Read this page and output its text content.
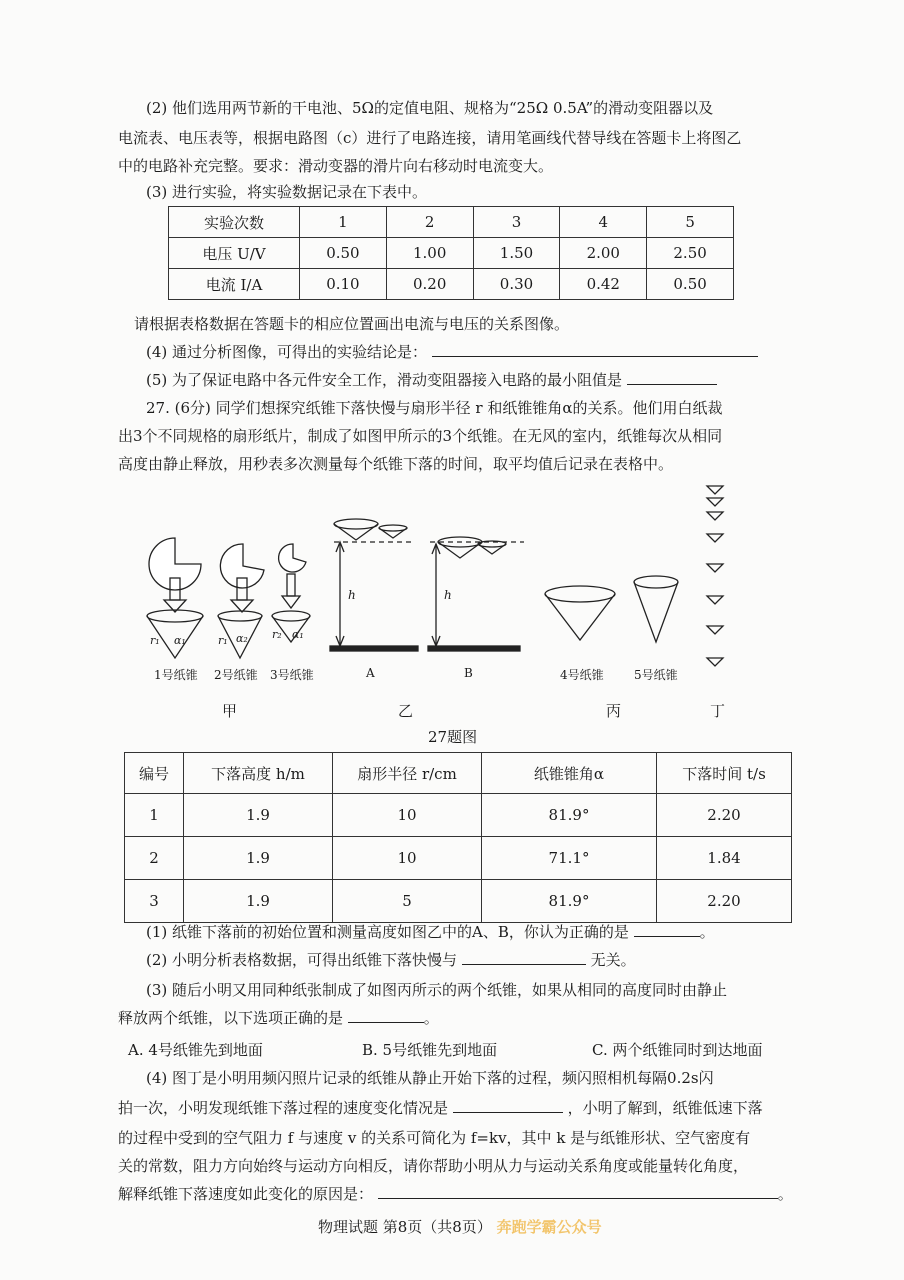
(2) 他们选用两节新的干电池、5Ω的定值电阻、规格为“25Ω 0.5A”的滑动变阻器以及
电流表、电压表等，根据电路图（c）进行了电路连接，请用笔画线代替导线在答题卡上将图乙
中的电路补充完整。要求：滑动变器的滑片向右移动时电流变大。
(3) 进行实验，将实验数据记录在下表中。
实验次数	1	2	3	4	5
电压 U/V	0.50	1.00	1.50	2.00	2.50
电流 I/A	0.10	0.20	0.30	0.42	0.50
请根据表格数据在答题卡的相应位置画出电流与电压的关系图像。
(4) 通过分析图像，可得出的实验结论是：
(5) 为了保证电路中各元件安全工作，滑动变阻器接入电路的最小阻值是
27. (6分) 同学们想探究纸锥下落快慢与扇形半径 r 和纸锥锥角α的关系。他们用白纸裁
出3个不同规格的扇形纸片，制成了如图甲所示的3个纸锥。在无风的室内，纸锥每次从相同
高度由静止释放，用秒表多次测量每个纸锥下落的时间，取平均值后记录在表格中。
1号纸锥 2号纸锥 3号纸锥	A	B	4号纸锥	5号纸锥
h	h
r₁ α₁	r₁ α₂ r₂ α₁
甲	乙	丙	丁
27题图
编号	下落高度 h/m	扇形半径 r/cm	纸锥锥角α	下落时间 t/s
1	1.9	10	81.9°	2.20
2	1.9	10	71.1°	1.84
3	1.9	5	81.9°	2.20
(1) 纸锥下落前的初始位置和测量高度如图乙中的A、B，你认为正确的是	。
(2) 小明分析表格数据，可得出纸锥下落快慢与	无关。
(3) 随后小明又用同种纸张制成了如图丙所示的两个纸锥，如果从相同的高度同时由静止
释放两个纸锥，以下选项正确的是	。
A. 4号纸锥先到地面	B. 5号纸锥先到地面	C. 两个纸锥同时到达地面
(4) 图丁是小明用频闪照片记录的纸锥从静止开始下落的过程，频闪照相机每隔0.2s闪
拍一次，小明发现纸锥下落过程的速度变化情况是	，小明了解到，纸锥低速下落
的过程中受到的空气阻力 f 与速度 v 的关系可简化为 f=kv，其中 k 是与纸锥形状、空气密度有
关的常数，阻力方向始终与运动方向相反，请你帮助小明从力与运动关系角度或能量转化角度，
解释纸锥下落速度如此变化的原因是：	。
物理试题 第8页（共8页） 奔跑学霸公众号
